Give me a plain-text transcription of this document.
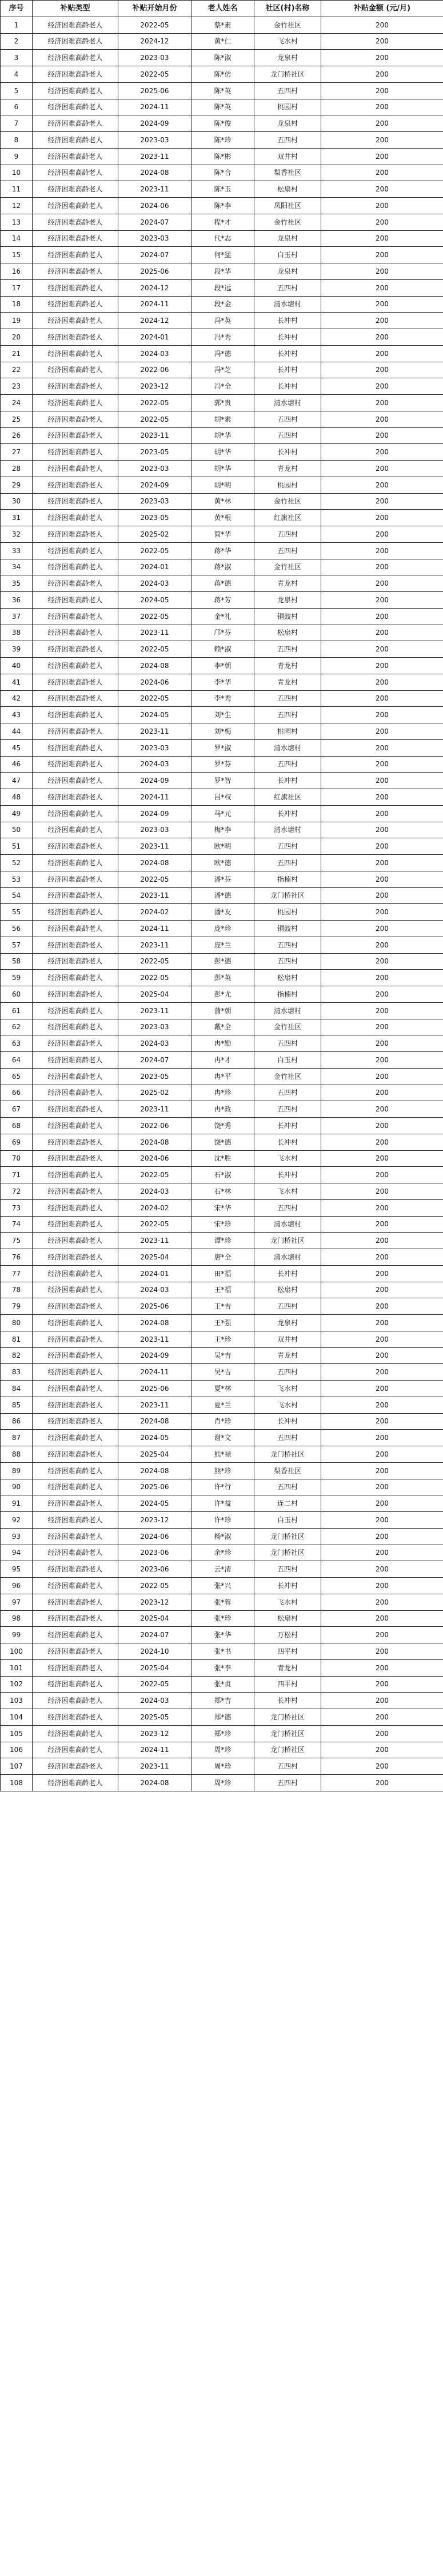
序号	补贴类型	补贴开始月份	老人姓名	社区(村)名称	补贴金额 (元/月)
1	经济困难高龄老人	2022-05	蔡*素	金竹社区	200
2	经济困难高龄老人	2024-12	黄*仁	飞水村	200
3	经济困难高龄老人	2023-03	陈*淑	龙泉村	200
4	经济困难高龄老人	2022-05	陈*仿	龙门桥社区	200
5	经济困难高龄老人	2025-06	陈*英	五四村	200
6	经济困难高龄老人	2024-11	陈*英	桃园村	200
7	经济困难高龄老人	2024-09	陈*俊	龙泉村	200
8	经济困难高龄老人	2023-03	陈*珍	五四村	200
9	经济困难高龄老人	2023-11	陈*彬	双井村	200
10	经济困难高龄老人	2024-08	陈*合	梨香社区	200
11	经济困难高龄老人	2023-11	陈*玉	松扇村	200
12	经济困难高龄老人	2024-06	陈*李	凤阳社区	200
13	经济困难高龄老人	2024-07	程*才	金竹社区	200
14	经济困难高龄老人	2023-03	代*志	龙泉村	200
15	经济困难高龄老人	2024-07	何*猛	白玉村	200
16	经济困难高龄老人	2025-06	段*华	龙泉村	200
17	经济困难高龄老人	2024-12	段*远	五四村	200
18	经济困难高龄老人	2024-11	段*金	清水塘村	200
19	经济困难高龄老人	2024-12	冯*英	长冲村	200
20	经济困难高龄老人	2024-01	冯*秀	长冲村	200
21	经济困难高龄老人	2024-03	冯*德	长冲村	200
22	经济困难高龄老人	2022-06	冯*芝	长冲村	200
23	经济困难高龄老人	2023-12	冯*全	长冲村	200
24	经济困难高龄老人	2022-05	郭*贵	清水塘村	200
25	经济困难高龄老人	2022-05	胡*素	五四村	200
26	经济困难高龄老人	2023-11	胡*华	五四村	200
27	经济困难高龄老人	2023-05	胡*华	长冲村	200
28	经济困难高龄老人	2023-03	胡*华	青龙村	200
29	经济困难高龄老人	2024-09	胡*明	桃园村	200
30	经济困难高龄老人	2023-03	黄*林	金竹社区	200
31	经济困难高龄老人	2023-05	黄*根	红旗社区	200
32	经济困难高龄老人	2025-02	简*华	五四村	200
33	经济困难高龄老人	2022-05	蒋*华	五四村	200
34	经济困难高龄老人	2024-01	蒋*淑	金竹社区	200
35	经济困难高龄老人	2024-03	蒋*德	青龙村	200
36	经济困难高龄老人	2024-05	蒋*芳	龙泉村	200
37	经济困难高龄老人	2022-05	金*礼	铜鼓村	200
38	经济困难高龄老人	2023-11	邝*芬	松扇村	200
39	经济困难高龄老人	2022-05	赖*淑	五四村	200
40	经济困难高龄老人	2024-08	李*朝	青龙村	200
41	经济困难高龄老人	2024-06	李*华	青龙村	200
42	经济困难高龄老人	2022-05	李*秀	五四村	200
43	经济困难高龄老人	2024-05	刘*生	五四村	200
44	经济困难高龄老人	2023-11	刘*梅	桃园村	200
45	经济困难高龄老人	2023-03	罗*淑	清水塘村	200
46	经济困难高龄老人	2024-03	罗*芬	五四村	200
47	经济困难高龄老人	2024-09	罗*智	长冲村	200
48	经济困难高龄老人	2024-11	吕*权	红旗社区	200
49	经济困难高龄老人	2024-09	马*元	长冲村	200
50	经济困难高龄老人	2023-03	梅*李	清水塘村	200
51	经济困难高龄老人	2023-11	欧*明	五四村	200
52	经济困难高龄老人	2024-08	欧*德	五四村	200
53	经济困难高龄老人	2022-05	潘*芬	指楠村	200
54	经济困难高龄老人	2023-11	潘*德	龙门桥社区	200
55	经济困难高龄老人	2024-02	潘*友	桃园村	200
56	经济困难高龄老人	2024-11	庞*珍	铜鼓村	200
57	经济困难高龄老人	2023-11	庞*兰	五四村	200
58	经济困难高龄老人	2022-05	彭*德	五四村	200
59	经济困难高龄老人	2022-05	彭*英	松扇村	200
60	经济困难高龄老人	2025-04	彭*尤	指楠村	200
61	经济困难高龄老人	2023-11	蒲*朝	清水塘村	200
62	经济困难高龄老人	2023-03	戴*全	金竹社区	200
63	经济困难高龄老人	2024-03	冉*励	五四村	200
64	经济困难高龄老人	2024-07	冉*才	白玉村	200
65	经济困难高龄老人	2023-05	冉*平	金竹社区	200
66	经济困难高龄老人	2025-02	冉*珍	五四村	200
67	经济困难高龄老人	2023-11	冉*政	五四村	200
68	经济困难高龄老人	2022-06	饶*秀	长冲村	200
69	经济困难高龄老人	2024-08	饶*德	长冲村	200
70	经济困难高龄老人	2024-06	沈*胜	飞水村	200
71	经济困难高龄老人	2022-05	石*淑	长冲村	200
72	经济困难高龄老人	2024-03	石*林	飞水村	200
73	经济困难高龄老人	2024-02	宋*华	五四村	200
74	经济困难高龄老人	2022-05	宋*珍	清水塘村	200
75	经济困难高龄老人	2023-11	谭*珍	龙门桥社区	200
76	经济困难高龄老人	2025-04	唐*全	清水塘村	200
77	经济困难高龄老人	2024-01	田*福	长冲村	200
78	经济困难高龄老人	2024-03	王*福	松扇村	200
79	经济困难高龄老人	2025-06	王*吉	五四村	200
80	经济困难高龄老人	2024-08	王*强	龙泉村	200
81	经济困难高龄老人	2023-11	王*珍	双井村	200
82	经济困难高龄老人	2024-09	吴*吉	青龙村	200
83	经济困难高龄老人	2024-11	吴*吉	五四村	200
84	经济困难高龄老人	2025-06	夏*林	飞水村	200
85	经济困难高龄老人	2023-11	夏*兰	飞水村	200
86	经济困难高龄老人	2024-08	肖*珍	长冲村	200
87	经济困难高龄老人	2024-05	谢*文	五四村	200
88	经济困难高龄老人	2025-04	熊*禄	龙门桥社区	200
89	经济困难高龄老人	2024-08	熊*珍	梨香社区	200
90	经济困难高龄老人	2025-06	许*行	五四村	200
91	经济困难高龄老人	2024-05	许*益	连二村	200
92	经济困难高龄老人	2023-12	许*珍	白玉村	200
93	经济困难高龄老人	2024-06	杨*淑	龙门桥社区	200
94	经济困难高龄老人	2023-06	余*珍	龙门桥社区	200
95	经济困难高龄老人	2023-06	云*清	五四村	200
96	经济困难高龄老人	2022-05	张*兴	长冲村	200
97	经济困难高龄老人	2023-12	张*蓉	飞水村	200
98	经济困难高龄老人	2025-04	张*珍	松扇村	200
99	经济困难高龄老人	2024-07	张*华	万松村	200
100	经济困难高龄老人	2024-10	张*书	四平村	200
101	经济困难高龄老人	2025-04	张*李	青龙村	200
102	经济困难高龄老人	2022-05	张*贞	四平村	200
103	经济困难高龄老人	2024-03	郑*吉	长冲村	200
104	经济困难高龄老人	2025-05	郑*德	龙门桥社区	200
105	经济困难高龄老人	2023-12	郑*珍	龙门桥社区	200
106	经济困难高龄老人	2024-11	周*珍	龙门桥社区	200
107	经济困难高龄老人	2023-11	周*珍	五四村	200
108	经济困难高龄老人	2024-08	周*珍	五四村	200
